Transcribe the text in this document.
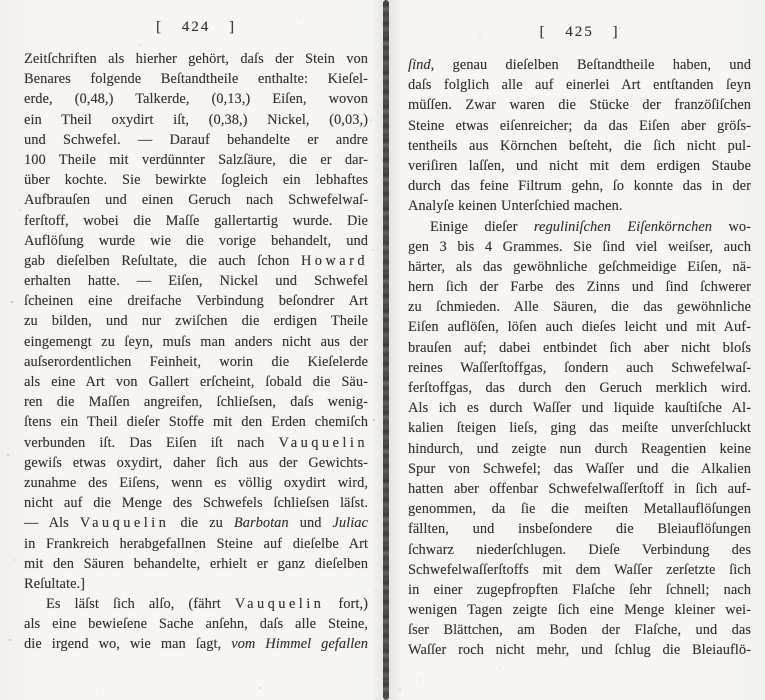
[ 424 ]
Zeitſchriften als hierher gehört, daſs der Stein von
Benares folgende Beſtandtheile enthalte: Kieſel-
erde, (0,48,) Talkerde, (0,13,) Eiſen, wovon
ein Theil oxydirt iſt, (0,38,) Nickel, (0,03,)
und Schwefel. — Darauf behandelte er andre
100 Theile mit verdünnter Salzſäure, die er dar-
über kochte. Sie bewirkte ſogleich ein lebhaftes
Aufbrauſen und einen Geruch nach Schwefelwaſ-
ferſtoff, wobei die Maſſe gallertartig wurde. Die
Auflöſung wurde wie die vorige behandelt, und
gab dieſelben Reſultate, die auch ſchon Howard
erhalten hatte. — Eiſen, Nickel und Schwefel
ſcheinen eine dreifache Verbindung beſondrer Art
zu bilden, und nur zwiſchen die erdigen Theile
eingemengt zu ſeyn, muſs man anders nicht aus der
auſserordentlichen Feinheit, worin die Kieſelerde
als eine Art von Gallert erſcheint, ſobald die Säu-
ren die Maſſen angreifen, ſchlieſsen, daſs wenig-
ſtens ein Theil dieſer Stoffe mit den Erden chemiſch
verbunden iſt. Das Eiſen iſt nach Vauquelin
gewiſs etwas oxydirt, daher ſich aus der Gewichts-
zunahme des Eiſens, wenn es völlig oxydirt wird,
nicht auf die Menge des Schwefels ſchlieſsen läſst.
— Als Vauquelin die zu Barbotan und Juliac
in Frankreich herabgefallnen Steine auf dieſelbe Art
mit den Säuren behandelte, erhielt er ganz dieſelben
Reſultate.]
Es läſst ſich alſo, (fährt Vauquelin fort,)
als eine bewieſene Sache anſehn, daſs alle Steine,
die irgend wo, wie man ſagt, vom Himmel gefallen
[ 425 ]
ſind, genau dieſelben Beſtandtheile haben, und
daſs folglich alle auf einerlei Art entſtanden ſeyn
müſſen. Zwar waren die Stücke der franzöſiſchen
Steine etwas eiſenreicher; da das Eiſen aber gröſs-
tentheils aus Körnchen beſteht, die ſich nicht pul-
veriſiren laſſen, und nicht mit dem erdigen Staube
durch das feine Filtrum gehn, ſo konnte das in der
Analyſe keinen Unterſchied machen.
Einige dieſer reguliniſchen Eiſenkörnchen wo-
gen 3 bis 4 Grammes. Sie ſind viel weiſser, auch
härter, als das gewöhnliche geſchmeidige Eiſen, nä-
hern ſich der Farbe des Zinns und ſind ſchwerer
zu ſchmieden. Alle Säuren, die das gewöhnliche
Eiſen auflöſen, löſen auch dieſes leicht und mit Auf-
brauſen auf; dabei entbindet ſich aber nicht bloſs
reines Waſſerſtoffgas, ſondern auch Schwefelwaſ-
ferſtoffgas, das durch den Geruch merklich wird.
Als ich es durch Waſſer und liquide kauſtiſche Al-
kalien ſteigen lieſs, ging das meiſte unverſchluckt
hindurch, und zeigte nun durch Reagentien keine
Spur von Schwefel; das Waſſer und die Alkalien
hatten aber offenbar Schwefelwaſſerſtoff in ſich auf-
genommen, da ſie die meiſten Metallauflöſungen
fällten, und insbeſondere die Bleiauflöſungen
ſchwarz niederſchlugen. Dieſe Verbindung des
Schwefelwaſſerſtoffs mit dem Waſſer zerſetzte ſich
in einer zugepfropften Flaſche ſehr ſchnell; nach
wenigen Tagen zeigte ſich eine Menge kleiner wei-
ſser Blättchen, am Boden der Flaſche, und das
Waſſer roch nicht mehr, und ſchlug die Bleiauflö-
